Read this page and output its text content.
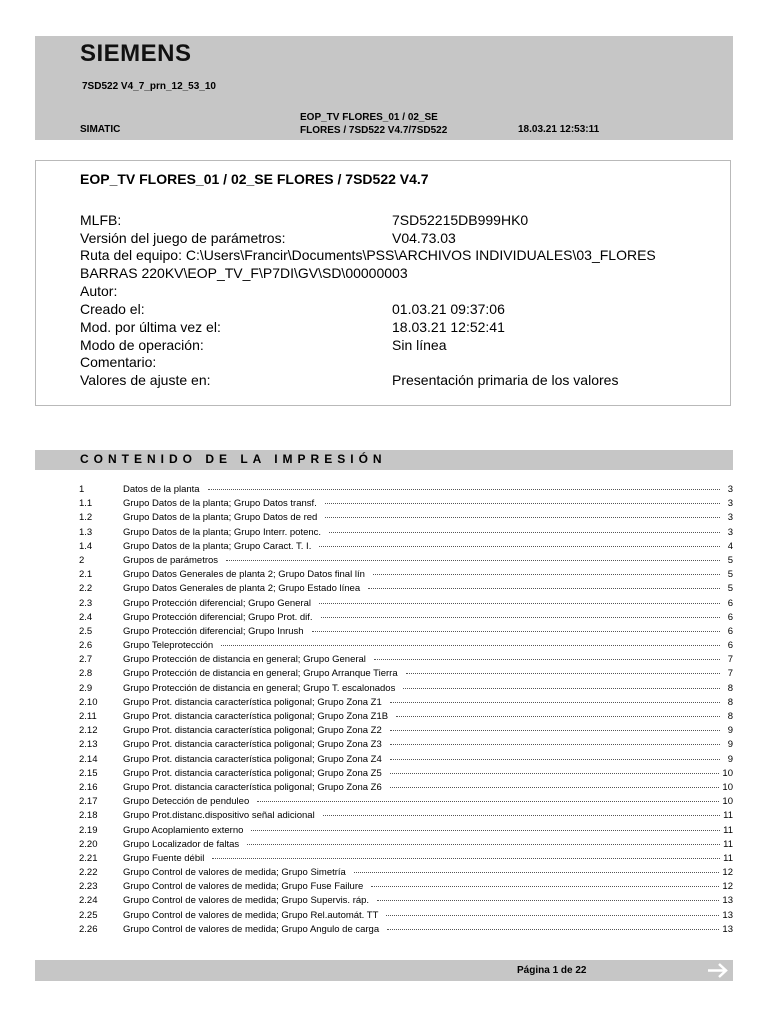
SIEMENS
7SD522 V4_7_prn_12_53_10
SIMATIC
EOP_TV FLORES_01 / 02_SE
FLORES / 7SD522 V4.7/7SD522	18.03.21 12:53:11
EOP_TV FLORES_01 / 02_SE FLORES / 7SD522 V4.7
MLFB:	7SD52215DB999HK0
Versión del juego de parámetros:	V04.73.03
Ruta del equipo: C:\Users\Francir\Documents\PSS\ARCHIVOS INDIVIDUALES\03_FLORES BARRAS 220KV\EOP_TV_F\P7DI\GV\SD\00000003
Autor:
Creado el:	01.03.21 09:37:06
Mod. por última vez el:	18.03.21 12:52:41
Modo de operación:	Sin línea
Comentario:
Valores de ajuste en:	Presentación primaria de los valores
CONTENIDO DE LA IMPRESIÓN
1	Datos de la planta	3
1.1	Grupo Datos de la planta; Grupo Datos transf.	3
1.2	Grupo Datos de la planta; Grupo Datos de red	3
1.3	Grupo Datos de la planta; Grupo Interr. potenc.	3
1.4	Grupo Datos de la planta; Grupo Caract. T. I.	4
2	Grupos de parámetros	5
2.1	Grupo Datos Generales de planta 2; Grupo Datos final lín	5
2.2	Grupo Datos Generales de planta 2; Grupo Estado línea	5
2.3	Grupo Protección diferencial; Grupo General	6
2.4	Grupo Protección diferencial; Grupo Prot. dif.	6
2.5	Grupo Protección diferencial; Grupo Inrush	6
2.6	Grupo Teleprotección	6
2.7	Grupo Protección de distancia en general; Grupo General	7
2.8	Grupo Protección de distancia en general; Grupo Arranque Tierra	7
2.9	Grupo Protección de distancia en general; Grupo T. escalonados	8
2.10	Grupo Prot. distancia característica poligonal; Grupo Zona Z1	8
2.11	Grupo Prot. distancia característica poligonal; Grupo Zona Z1B	8
2.12	Grupo Prot. distancia característica poligonal; Grupo Zona Z2	9
2.13	Grupo Prot. distancia característica poligonal; Grupo Zona Z3	9
2.14	Grupo Prot. distancia característica poligonal; Grupo Zona Z4	9
2.15	Grupo Prot. distancia característica poligonal; Grupo Zona Z5	10
2.16	Grupo Prot. distancia característica poligonal; Grupo Zona Z6	10
2.17	Grupo Detección de penduleo	10
2.18	Grupo Prot.distanc.dispositivo señal adicional	11
2.19	Grupo Acoplamiento externo	11
2.20	Grupo Localizador de faltas	11
2.21	Grupo Fuente débil	11
2.22	Grupo Control de valores de medida; Grupo Simetría	12
2.23	Grupo Control de valores de medida; Grupo Fuse Failure	12
2.24	Grupo Control de valores de medida; Grupo Supervis. ráp.	13
2.25	Grupo Control de valores de medida; Grupo Rel.automát. TT	13
2.26	Grupo Control de valores de medida; Grupo Angulo de carga	13
Página 1 de 22
